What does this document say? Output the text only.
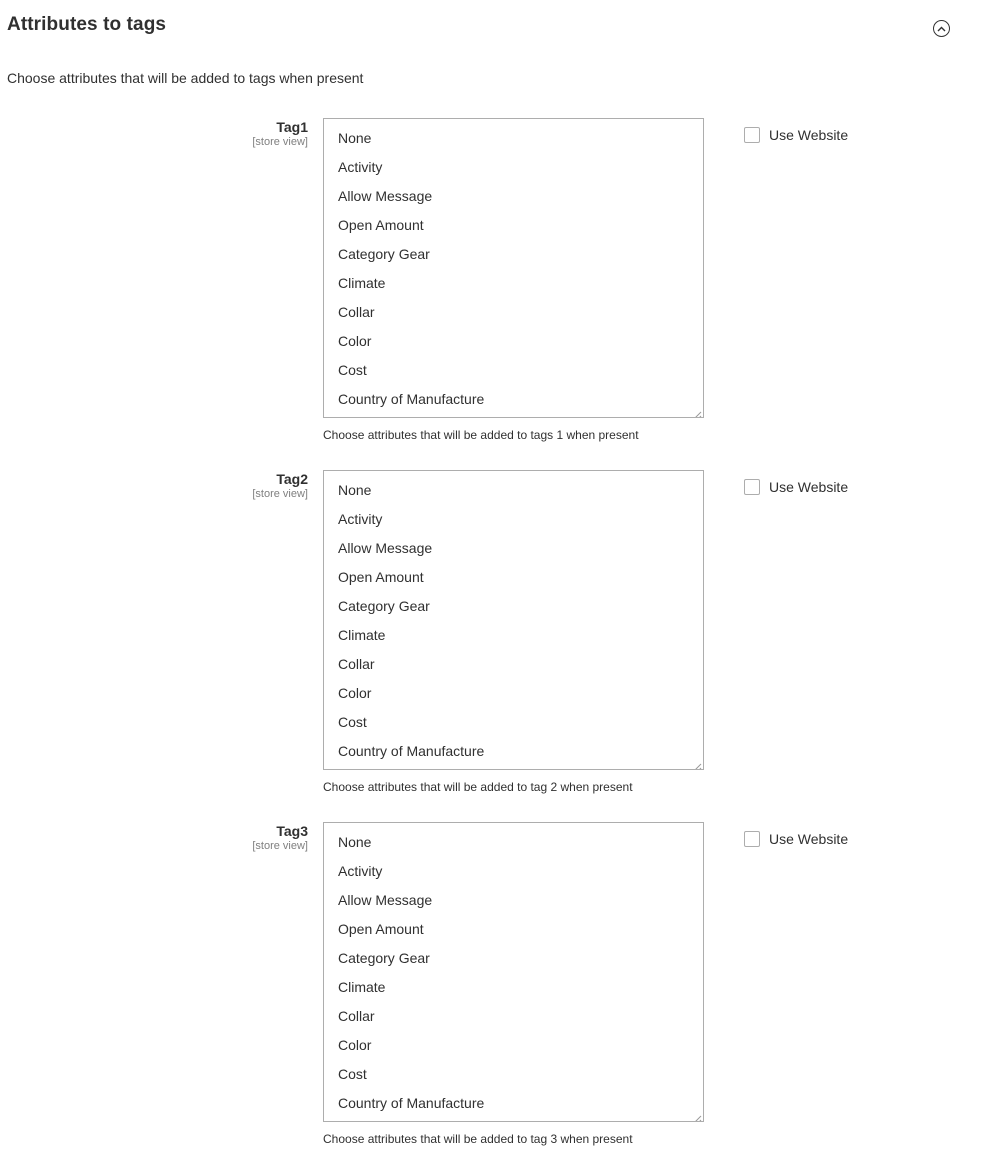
Attributes to tags
Choose attributes that will be added to tags when present
Tag1
[store view] None
Activity
Allow Message
Open Amount
Category Gear
Climate
Collar
Color
Cost
Country of Manufacture
Use Website
Choose attributes that will be added to tags 1 when present
Tag2
[store view] None
Activity
Allow Message
Open Amount
Category Gear
Climate
Collar
Color
Cost
Country of Manufacture
Use Website
Choose attributes that will be added to tag 2 when present
Tag3
[store view] None
Activity
Allow Message
Open Amount
Category Gear
Climate
Collar
Color
Cost
Country of Manufacture
Use Website
Choose attributes that will be added to tag 3 when present
